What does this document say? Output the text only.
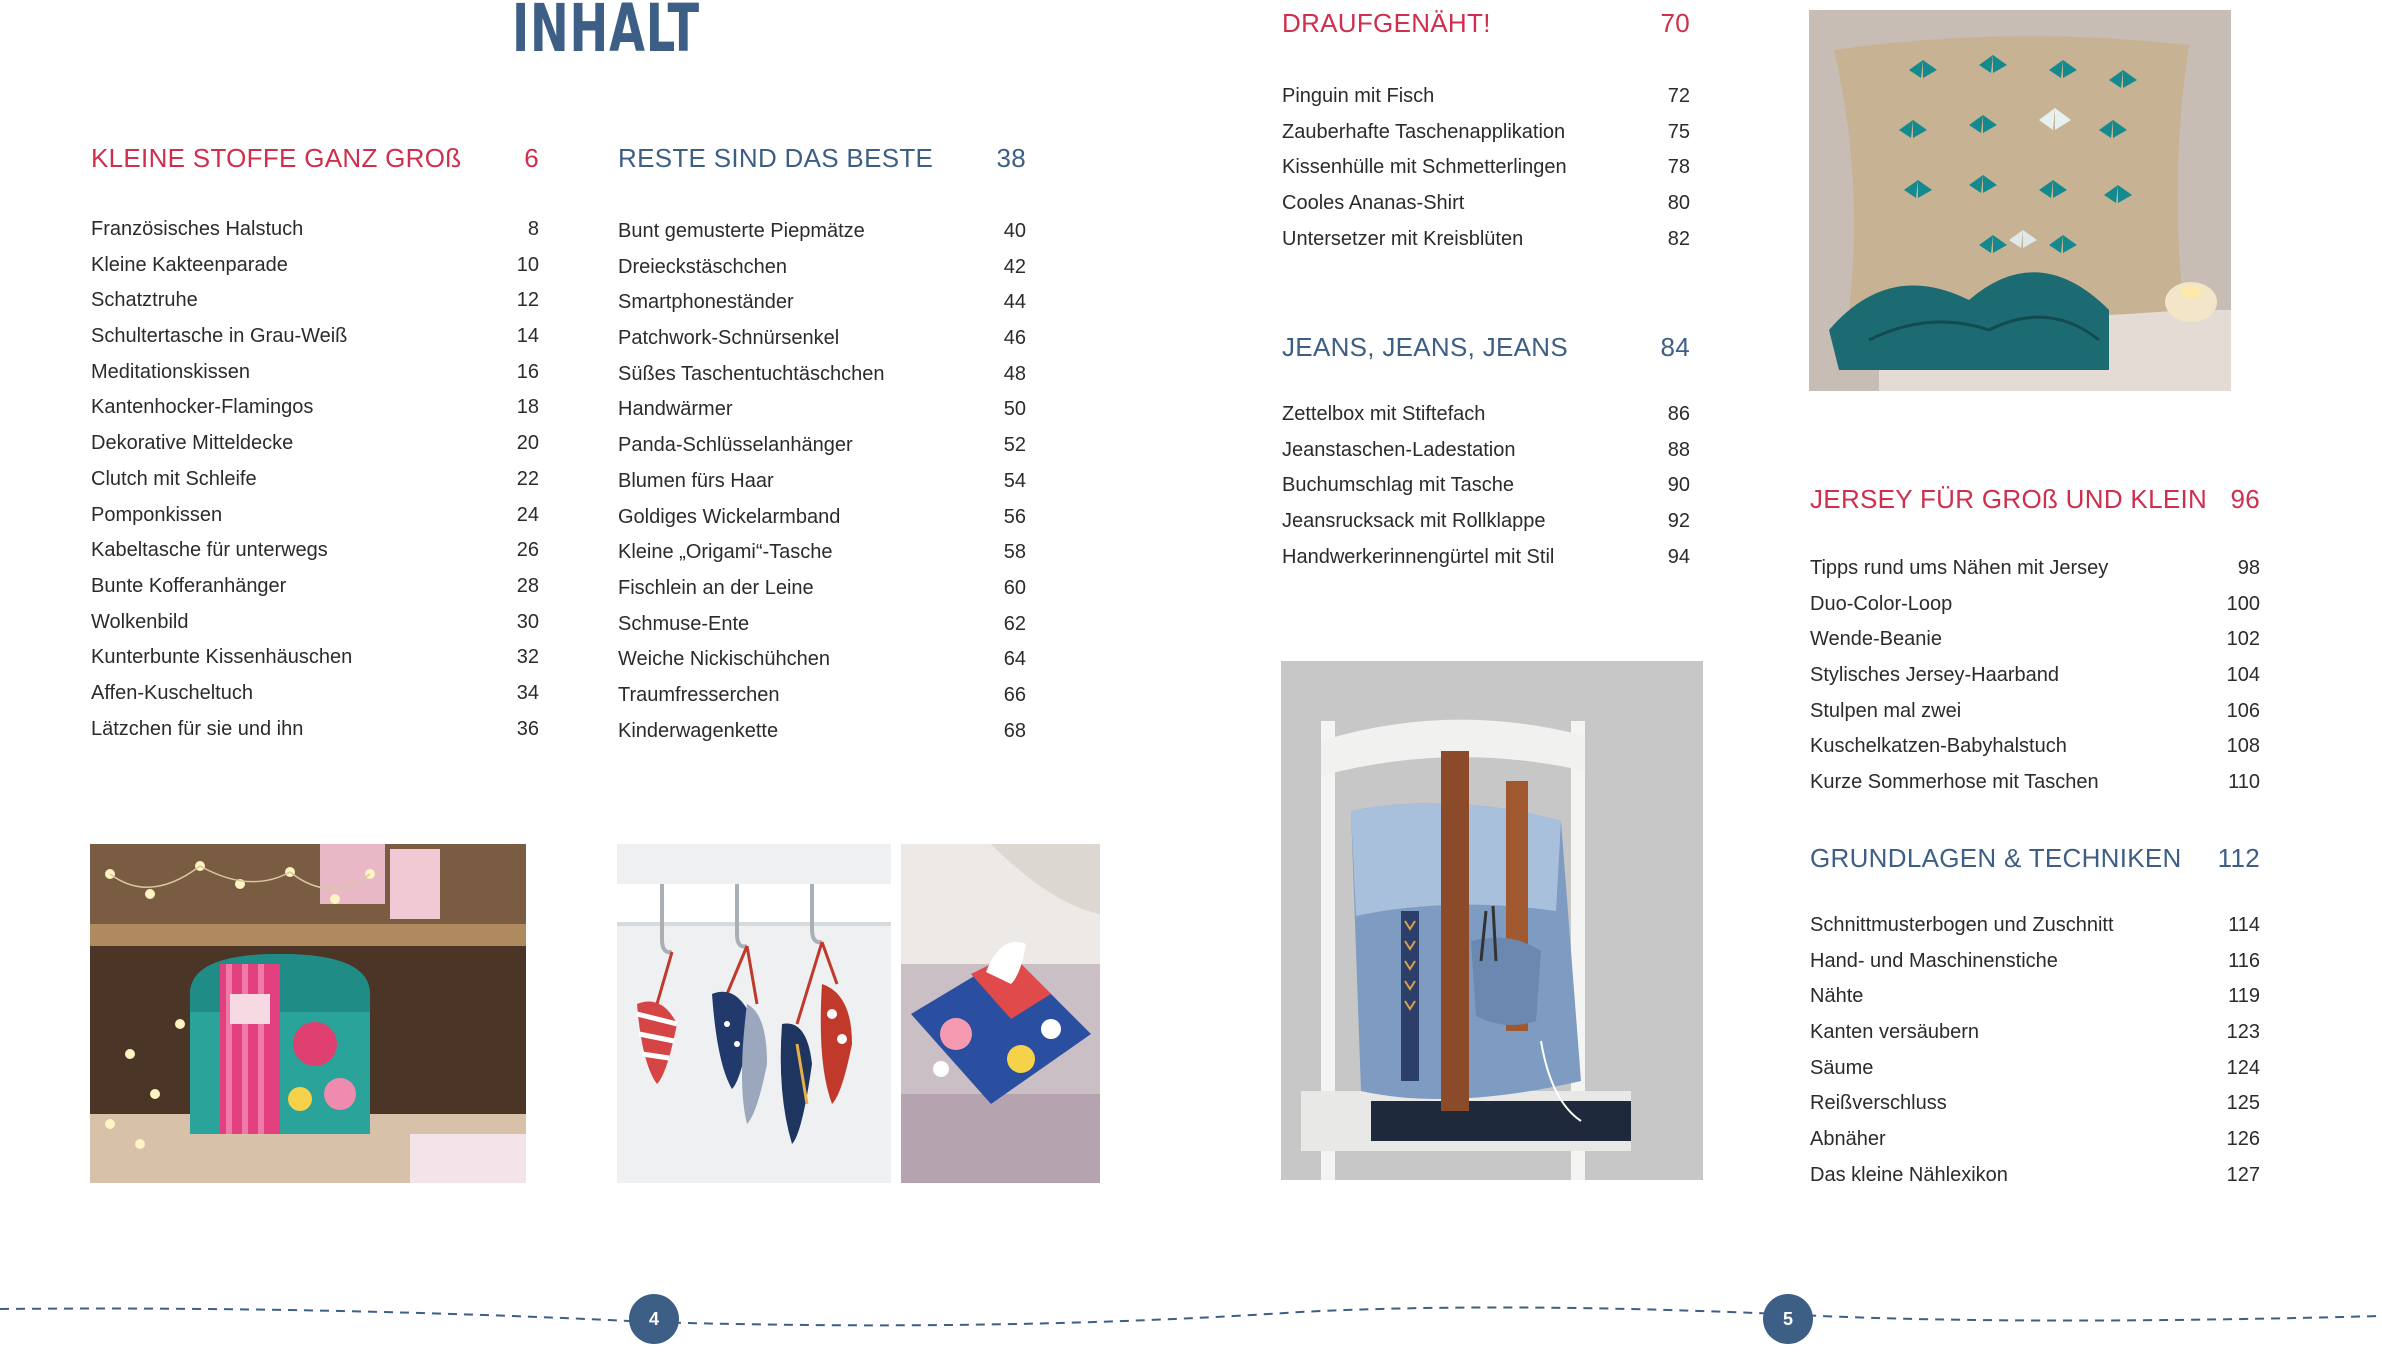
INHALT
KLEINE STOFFE GANZ GROß 6
Französisches Halstuch	8
Kleine Kakteenparade	10
Schatztruhe	12
Schultertasche in Grau-Weiß	14
Meditationskissen	16
Kantenhocker-Flamingos	18
Dekorative Mitteldecke	20
Clutch mit Schleife	22
Pomponkissen	24
Kabeltasche für unterwegs	26
Bunte Kofferanhänger	28
Wolkenbild	30
Kunterbunte Kissenhäuschen	32
Affen-Kuscheltuch	34
Lätzchen für sie und ihn	36
RESTE SIND DAS BESTE 38
Bunt gemusterte Piepmätze	40
Dreieckstäschchen	42
Smartphoneständer	44
Patchwork-Schnürsenkel	46
Süßes Taschentuchtäschchen	48
Handwärmer	50
Panda-Schlüsselanhänger	52
Blumen fürs Haar	54
Goldiges Wickelarmband	56
Kleine „Origami“-Tasche	58
Fischlein an der Leine	60
Schmuse-Ente	62
Weiche Nickischühchen	64
Traumfresserchen	66
Kinderwagenkette	68
DRAUFGENÄHT!	70
Pinguin mit Fisch	72
Zauberhafte Taschenapplikation	75
Kissenhülle mit Schmetterlingen	78
Cooles Ananas-Shirt	80
Untersetzer mit Kreisblüten	82
JEANS, JEANS, JEANS	84
Zettelbox mit Stiftefach	86
Jeanstaschen-Ladestation	88
Buchumschlag mit Tasche	90
Jeansrucksack mit Rollklappe	92
Handwerkerinnengürtel mit Stil	94
JERSEY FÜR GROß UND KLEIN 96
Tipps rund ums Nähen mit Jersey	98
Duo-Color-Loop	100
Wende-Beanie	102
Stylisches Jersey-Haarband	104
Stulpen mal zwei	106
Kuschelkatzen-Babyhalstuch	108
Kurze Sommerhose mit Taschen	110
GRUNDLAGEN & TECHNIKEN 112
Schnittmusterbogen und Zuschnitt	114
Hand- und Maschinenstiche	116
Nähte	119
Kanten versäubern	123
Säume	124
Reißverschluss	125
Abnäher	126
Das kleine Nählexikon	127
4	5
